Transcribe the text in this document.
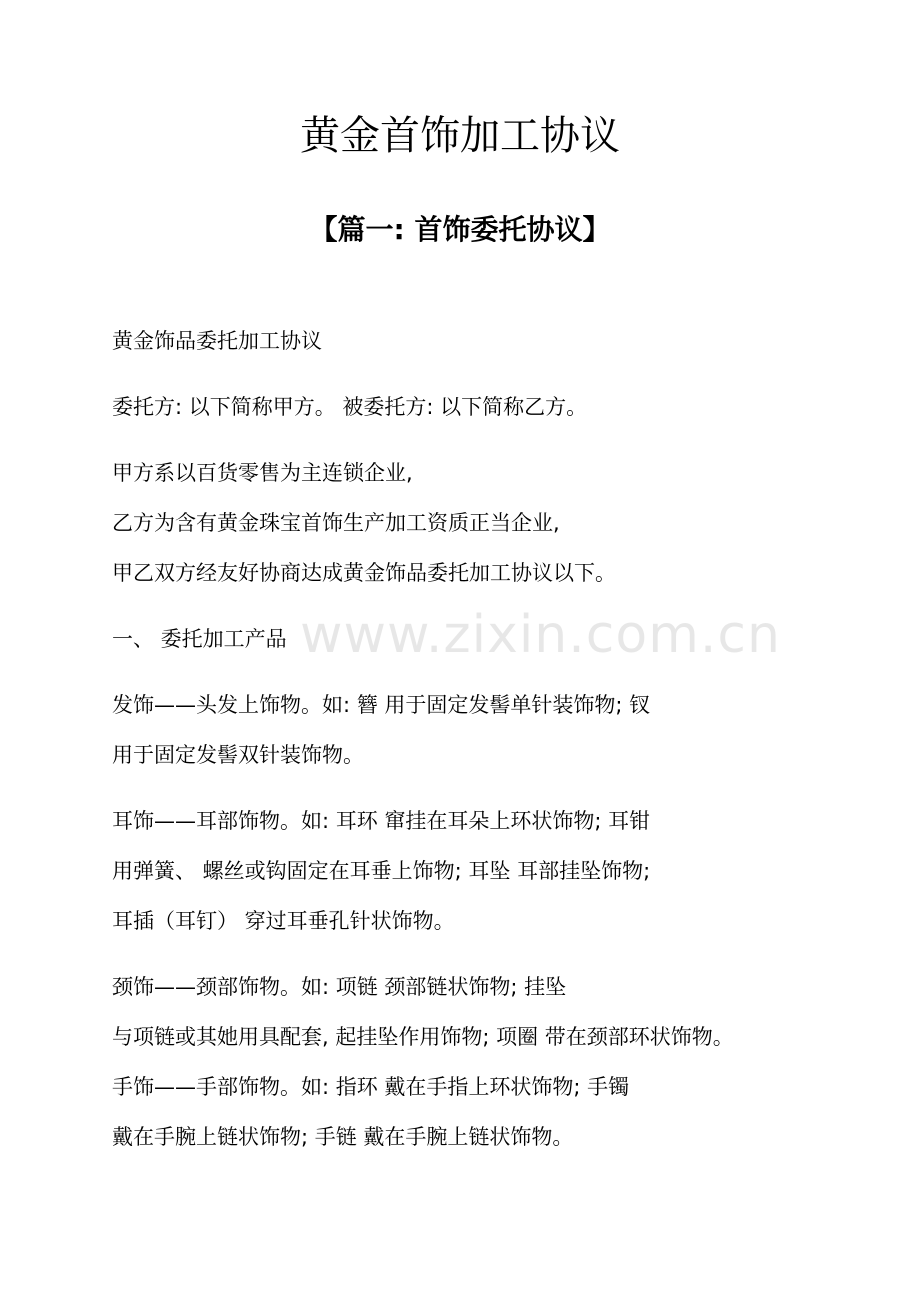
黄金首饰加工协议
【篇一: 首饰委托协议】

黄金饰品委托加工协议

委托方: 以下简称甲方。 被委托方: 以下简称乙方。

甲方系以百货零售为主连锁企业,

乙方为含有黄金珠宝首饰生产加工资质正当企业,

甲乙双方经友好协商达成黄金饰品委托加工协议以下。

一、 委托加工产品

发饰——头发上饰物。如: 簪 用于固定发髻单针装饰物; 钗

用于固定发髻双针装饰物。

耳饰——耳部饰物。如: 耳环 窜挂在耳朵上环状饰物; 耳钳

用弹簧、 螺丝或钩固定在耳垂上饰物; 耳坠 耳部挂坠饰物;

耳插（耳钉） 穿过耳垂孔针状饰物。

颈饰——颈部饰物。如: 项链 颈部链状饰物; 挂坠

与项链或其她用具配套, 起挂坠作用饰物; 项圈 带在颈部环状饰物。

手饰——手部饰物。如: 指环 戴在手指上环状饰物; 手镯

戴在手腕上链状饰物; 手链 戴在手腕上链状饰物。

www.zixin.com.cn
